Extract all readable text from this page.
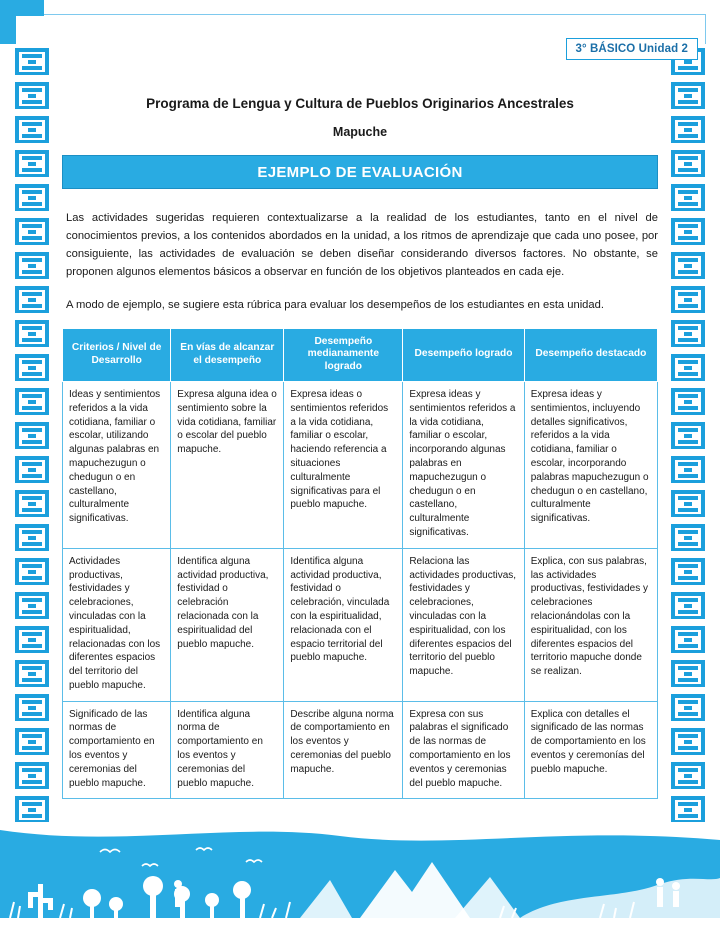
3° BÁSICO Unidad 2
Programa de Lengua y Cultura de Pueblos Originarios Ancestrales
Mapuche
EJEMPLO DE EVALUACIÓN

Las actividades sugeridas requieren contextualizarse a la realidad de los estudiantes, tanto en el nivel de conocimientos previos, a los contenidos abordados en la unidad, a los ritmos de aprendizaje que cada uno posee, por consiguiente, las actividades de evaluación se deben diseñar considerando diversos factores. No obstante, se proponen algunos elementos básicos a observar en función de los objetivos planteados en cada eje.

A modo de ejemplo, se sugiere esta rúbrica para evaluar los desempeños de los estudiantes en esta unidad.

Criterios / Nivel de Desarrollo	En vías de alcanzar el desempeño	Desempeño medianamente logrado	Desempeño logrado	Desempeño destacado
Ideas y sentimientos referidos a la vida cotidiana, familiar o escolar, utilizando algunas palabras en mapuchezugun o chedugun o en castellano, culturalmente significativas.	Expresa alguna idea o sentimiento sobre la vida cotidiana, familiar o escolar del pueblo mapuche.	Expresa ideas o sentimientos referidos a la vida cotidiana, familiar o escolar, haciendo referencia a situaciones culturalmente significativas para el pueblo mapuche.	Expresa ideas y sentimientos referidos a la vida cotidiana, familiar o escolar, incorporando algunas palabras en mapuchezugun o chedugun o en castellano, culturalmente significativas.	Expresa ideas y sentimientos, incluyendo detalles significativos, referidos a la vida cotidiana, familiar o escolar, incorporando palabras mapuchezugun o chedugun o en castellano, culturalmente significativas.
Actividades productivas, festividades y celebraciones, vinculadas con la espiritualidad, relacionadas con los diferentes espacios del territorio del pueblo mapuche.	Identifica alguna actividad productiva, festividad o celebración relacionada con la espiritualidad del pueblo mapuche.	Identifica alguna actividad productiva, festividad o celebración, vinculada con la espiritualidad, relacionada con el espacio territorial del pueblo mapuche.	Relaciona las actividades productivas, festividades y celebraciones, vinculadas con la espiritualidad, con los diferentes espacios del territorio del pueblo mapuche.	Explica, con sus palabras, las actividades productivas, festividades y celebraciones relacionándolas con la espiritualidad, con los diferentes espacios del territorio mapuche donde se realizan.
Significado de las normas de comportamiento en los eventos y ceremonias del pueblo mapuche.	Identifica alguna norma de comportamiento en los eventos y ceremonias del pueblo mapuche.	Describe alguna norma de comportamiento en los eventos y ceremonias del pueblo mapuche.	Expresa con sus palabras el significado de las normas de comportamiento en los eventos y ceremonias del pueblo mapuche.	Explica con detalles el significado de las normas de comportamiento en los eventos y ceremonías del pueblo mapuche.
